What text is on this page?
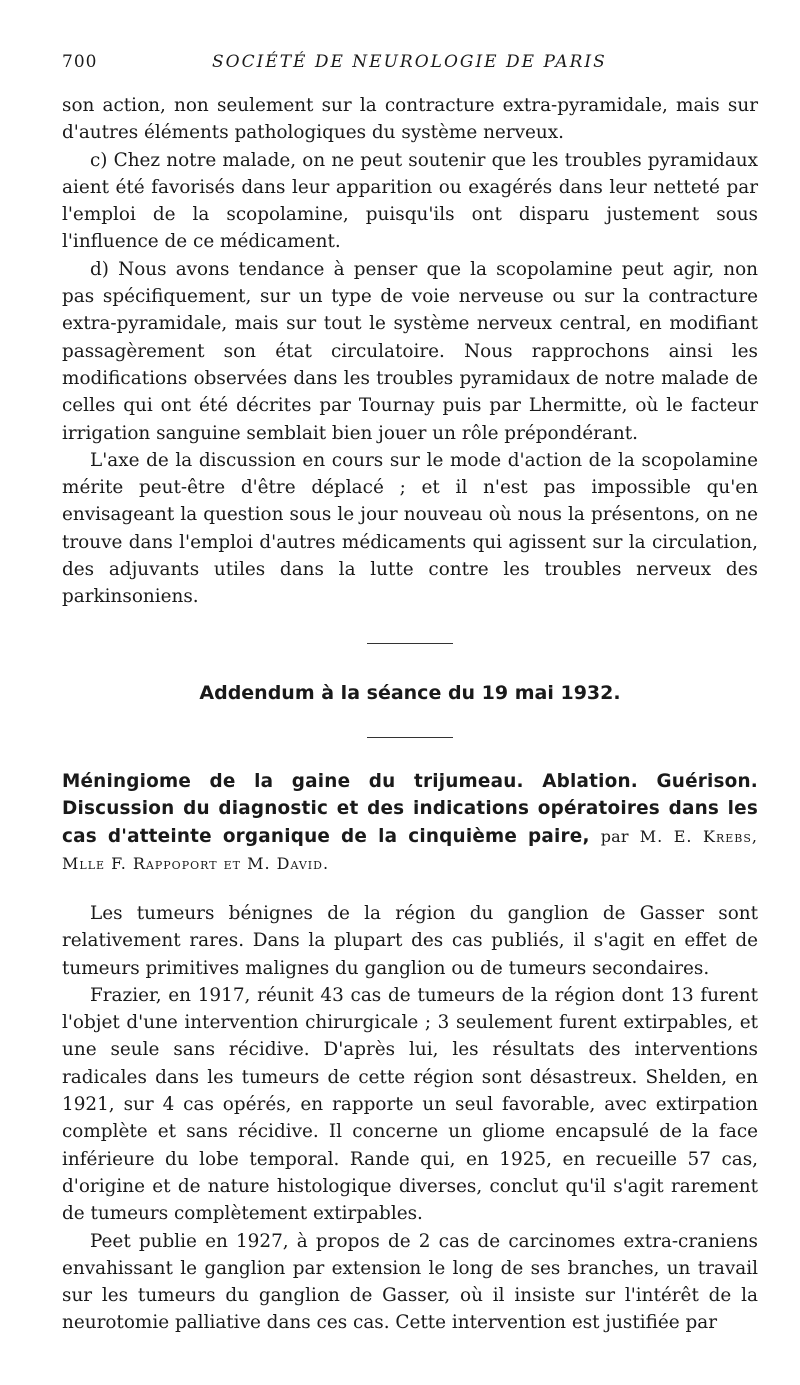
700	SOCIÉTÉ DE NEUROLOGIE DE PARIS

son action, non seulement sur la contracture extra-pyramidale, mais sur d'autres éléments pathologiques du système nerveux.

c) Chez notre malade, on ne peut soutenir que les troubles pyramidaux aient été favorisés dans leur apparition ou exagérés dans leur netteté par l'emploi de la scopolamine, puisqu'ils ont disparu justement sous l'influence de ce médicament.

d) Nous avons tendance à penser que la scopolamine peut agir, non pas spécifiquement, sur un type de voie nerveuse ou sur la contracture extra-pyramidale, mais sur tout le système nerveux central, en modifiant passagèrement son état circulatoire. Nous rapprochons ainsi les modifications observées dans les troubles pyramidaux de notre malade de celles qui ont été décrites par Tournay puis par Lhermitte, où le facteur irrigation sanguine semblait bien jouer un rôle prépondérant.

L'axe de la discussion en cours sur le mode d'action de la scopolamine mérite peut-être d'être déplacé ; et il n'est pas impossible qu'en envisageant la question sous le jour nouveau où nous la présentons, on ne trouve dans l'emploi d'autres médicaments qui agissent sur la circulation, des adjuvants utiles dans la lutte contre les troubles nerveux des parkinsoniens.

Addendum à la séance du 19 mai 1932.

Méningiome de la gaine du trijumeau. Ablation. Guérison. Discussion du diagnostic et des indications opératoires dans les cas d'atteinte organique de la cinquième paire, par M. E. Krebs, Mlle F. Rappoport et M. David.

Les tumeurs bénignes de la région du ganglion de Gasser sont relativement rares. Dans la plupart des cas publiés, il s'agit en effet de tumeurs primitives malignes du ganglion ou de tumeurs secondaires.

Frazier, en 1917, réunit 43 cas de tumeurs de la région dont 13 furent l'objet d'une intervention chirurgicale ; 3 seulement furent extirpables, et une seule sans récidive. D'après lui, les résultats des interventions radicales dans les tumeurs de cette région sont désastreux. Shelden, en 1921, sur 4 cas opérés, en rapporte un seul favorable, avec extirpation complète et sans récidive. Il concerne un gliome encapsulé de la face inférieure du lobe temporal. Rande qui, en 1925, en recueille 57 cas, d'origine et de nature histologique diverses, conclut qu'il s'agit rarement de tumeurs complètement extirpables.

Peet publie en 1927, à propos de 2 cas de carcinomes extra-craniens envahissant le ganglion par extension le long de ses branches, un travail sur les tumeurs du ganglion de Gasser, où il insiste sur l'intérêt de la neurotomie palliative dans ces cas. Cette intervention est justifiée par
